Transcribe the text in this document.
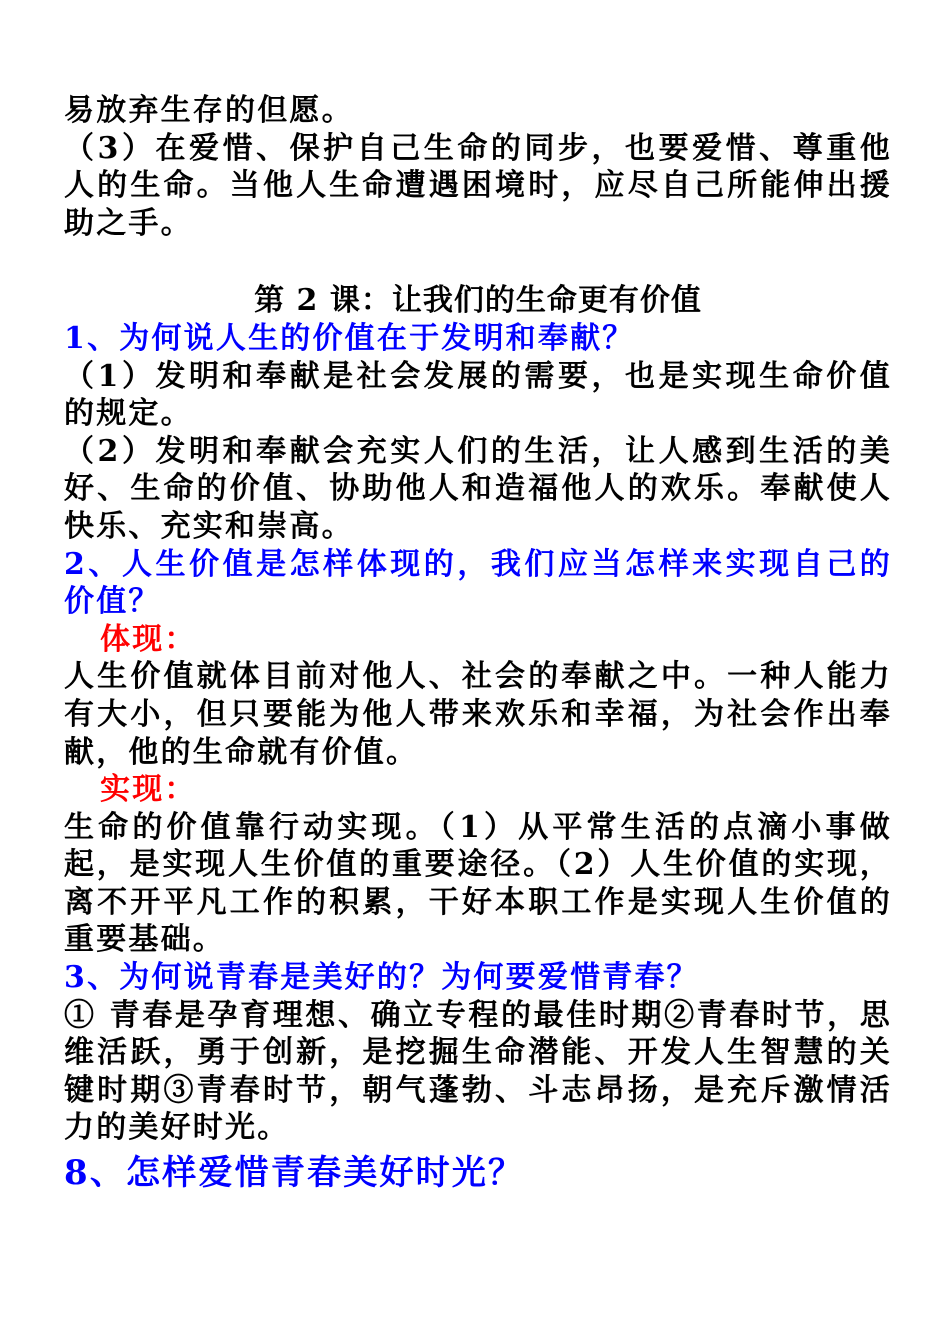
易放弃生存的但愿。

（3）在爱惜、保护自己生命的同步，也要爱惜、尊重他人的生命。当他人生命遭遇困境时，应尽自己所能伸出援助之手。

第 2 课：让我们的生命更有价值

1、为何说人生的价值在于发明和奉献？

（1）发明和奉献是社会发展的需要，也是实现生命价值的规定。

（2）发明和奉献会充实人们的生活，让人感到生活的美好、生命的价值、协助他人和造福他人的欢乐。奉献使人快乐、充实和崇高。

2、人生价值是怎样体现的，我们应当怎样来实现自己的价值？

体现：

人生价值就体目前对他人、社会的奉献之中。一种人能力有大小，但只要能为他人带来欢乐和幸福，为社会作出奉献，他的生命就有价值。

实现：

生命的价值靠行动实现。（1）从平常生活的点滴小事做起，是实现人生价值的重要途径。（2）人生价值的实现，离不开平凡工作的积累，干好本职工作是实现人生价值的重要基础。

3、为何说青春是美好的？为何要爱惜青春？

① 青春是孕育理想、确立专程的最佳时期②青春时节，思维活跃，勇于创新，是挖掘生命潜能、开发人生智慧的关键时期③青春时节，朝气蓬勃、斗志昂扬，是充斥激情活力的美好时光。

8、怎样爱惜青春美好时光？
